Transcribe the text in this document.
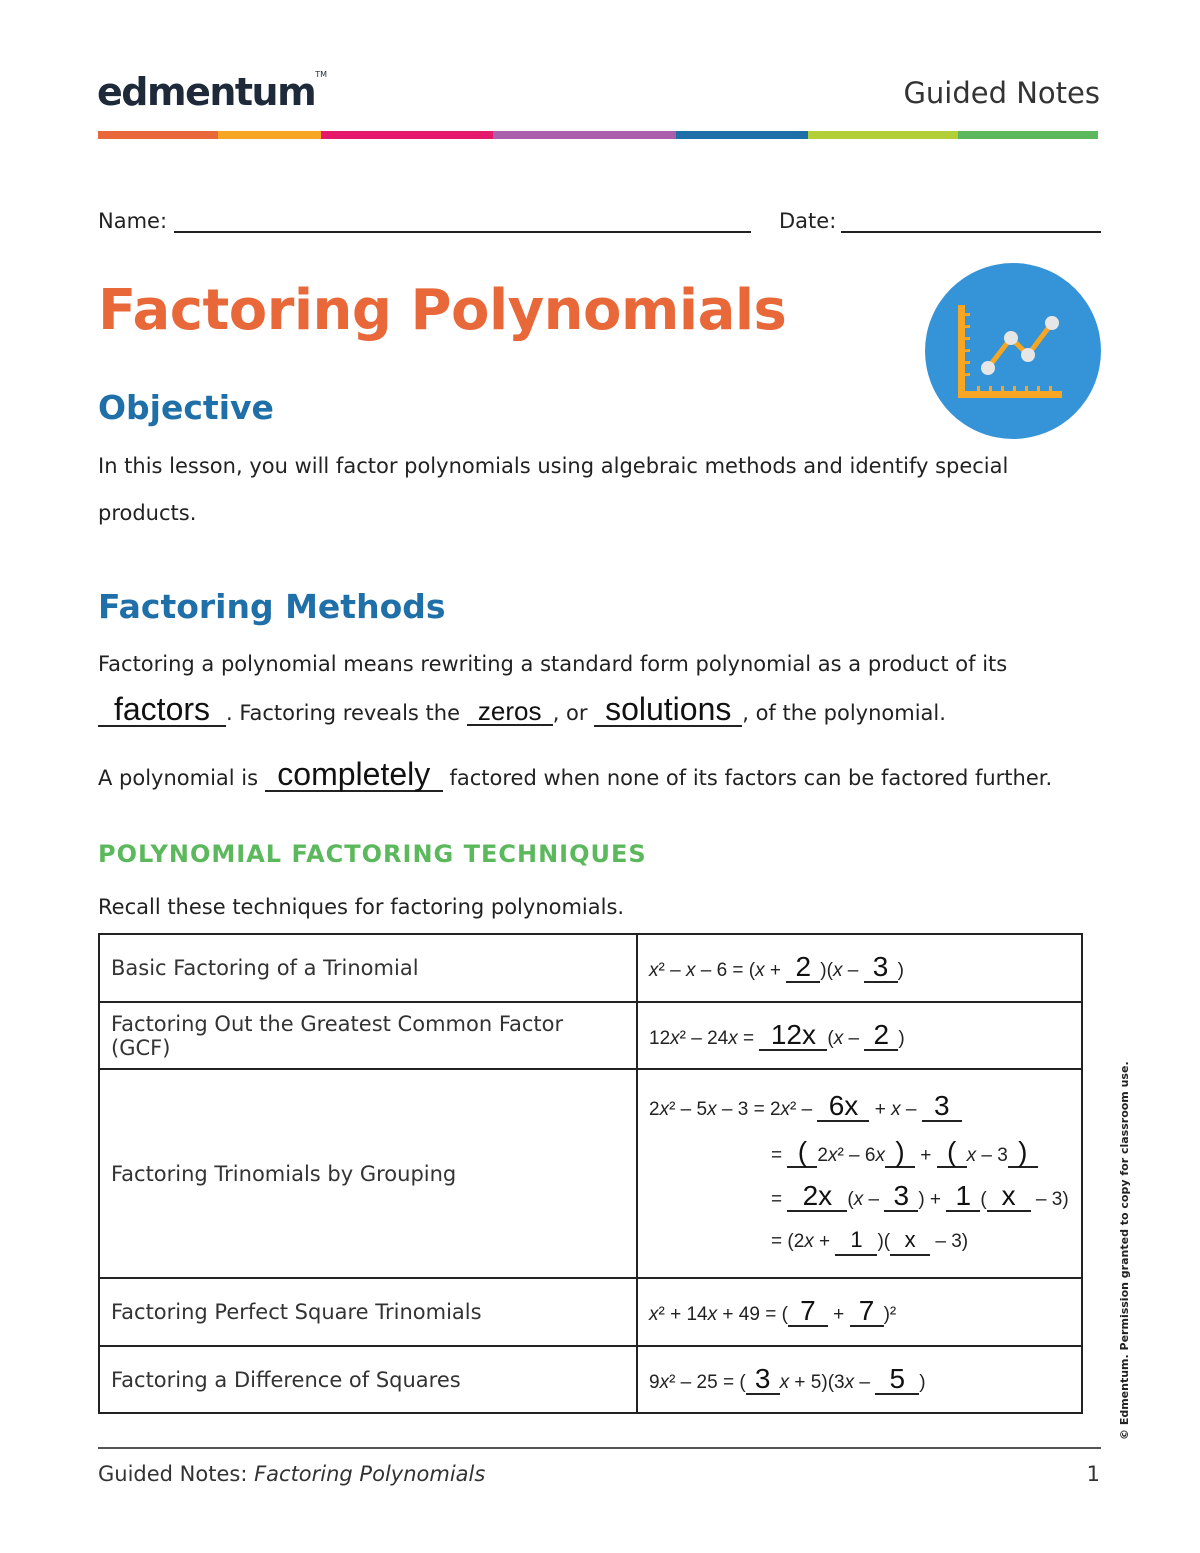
edmentum™
Guided Notes
Name:	Date:
Factoring Polynomials
Objective
In this lesson, you will factor polynomials using algebraic methods and identify special
products.
Factoring Methods
Factoring a polynomial means rewriting a standard form polynomial as a product of its
factors . Factoring reveals the zeros , or solutions , of the polynomial.
A polynomial is completely factored when none of its factors can be factored further.
POLYNOMIAL FACTORING TECHNIQUES
Recall these techniques for factoring polynomials.
Basic Factoring of a Trinomial	x² – x – 6 = (x + 2 )(x – 3 )
Factoring Out the Greatest Common Factor (GCF)	12x² – 24x = 12x (x – 2 )
Factoring Trinomials by Grouping	2x² – 5x – 3 = 2x² – 6x + x – 3
= ( 2x² – 6x ) + ( x – 3 )
= 2x (x – 3 ) + 1 ( x – 3)
= (2x + 1 )( x – 3)

Factoring Perfect Square Trinomials	x² + 14x + 49 = ( 7 + 7 )²
Factoring a Difference of Squares	9x² – 25 = ( 3 x + 5)(3x – 5 )	© Edmentum. Permission granted to copy for classroom use.
Guided Notes: Factoring Polynomials	1
